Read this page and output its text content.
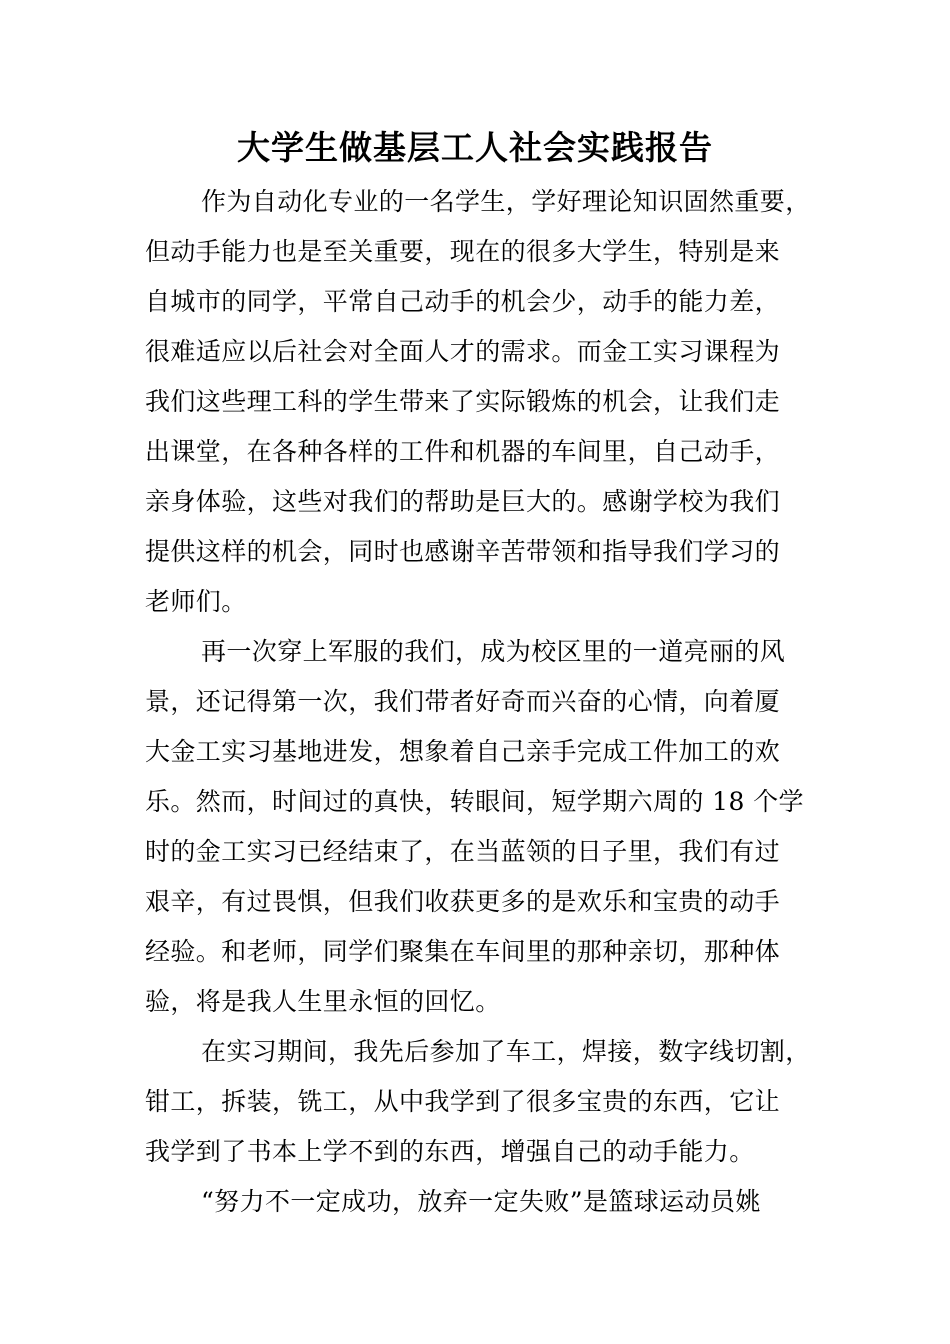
大学生做基层工人社会实践报告
作为自动化专业的一名学生，学好理论知识固然重要，
但动手能力也是至关重要，现在的很多大学生，特别是来
自城市的同学，平常自己动手的机会少，动手的能力差，
很难适应以后社会对全面人才的需求。而金工实习课程为
我们这些理工科的学生带来了实际锻炼的机会，让我们走
出课堂，在各种各样的工件和机器的车间里，自己动手，
亲身体验，这些对我们的帮助是巨大的。感谢学校为我们
提供这样的机会，同时也感谢辛苦带领和指导我们学习的
老师们。
再一次穿上军服的我们，成为校区里的一道亮丽的风
景，还记得第一次，我们带者好奇而兴奋的心情，向着厦
大金工实习基地进发，想象着自己亲手完成工件加工的欢
乐。然而，时间过的真快，转眼间，短学期六周的 18 个学
时的金工实习已经结束了，在当蓝领的日子里，我们有过
艰辛，有过畏惧，但我们收获更多的是欢乐和宝贵的动手
经验。和老师，同学们聚集在车间里的那种亲切，那种体
验，将是我人生里永恒的回忆。
在实习期间，我先后参加了车工，焊接，数字线切割，
钳工，拆装，铣工，从中我学到了很多宝贵的东西，它让
我学到了书本上学不到的东西，增强自己的动手能力。
“努力不一定成功，放弃一定失败”是篮球运动员姚
